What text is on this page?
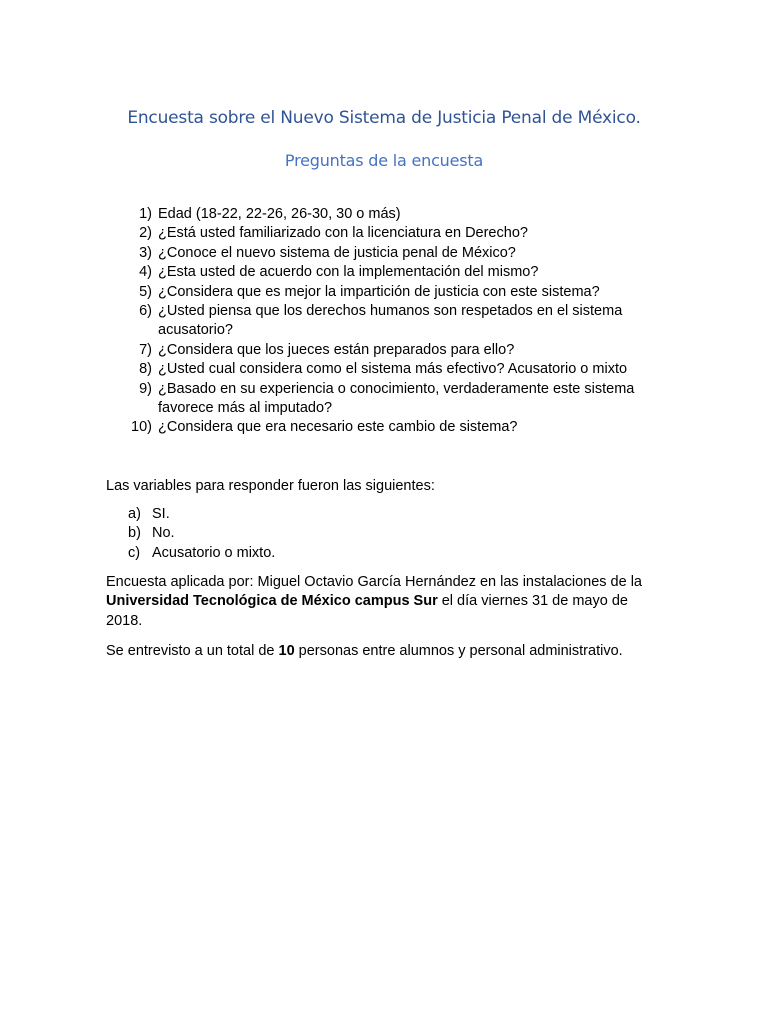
Encuesta sobre el Nuevo Sistema de Justicia Penal de México.
Preguntas de la encuesta
1) Edad (18-22, 22-26, 26-30, 30 o más)
2) ¿Está usted familiarizado con la licenciatura en Derecho?
3) ¿Conoce el nuevo sistema de justicia penal de México?
4) ¿Esta usted de acuerdo con la implementación del mismo?
5) ¿Considera que es mejor la impartición de justicia con este sistema?
6) ¿Usted piensa que los derechos humanos son respetados en el sistema acusatorio?
7) ¿Considera que los jueces están preparados para ello?
8) ¿Usted cual considera como el sistema más efectivo? Acusatorio o mixto
9) ¿Basado en su experiencia o conocimiento, verdaderamente este sistema favorece más al imputado?
10) ¿Considera que era necesario este cambio de sistema?

Las variables para responder fueron las siguientes:

a) SI.
b) No.
c) Acusatorio o mixto.

Encuesta aplicada por: Miguel Octavio García Hernández en las instalaciones de la Universidad Tecnológica de México campus Sur el día viernes 31 de mayo de 2018.

Se entrevisto a un total de 10 personas entre alumnos y personal administrativo.
